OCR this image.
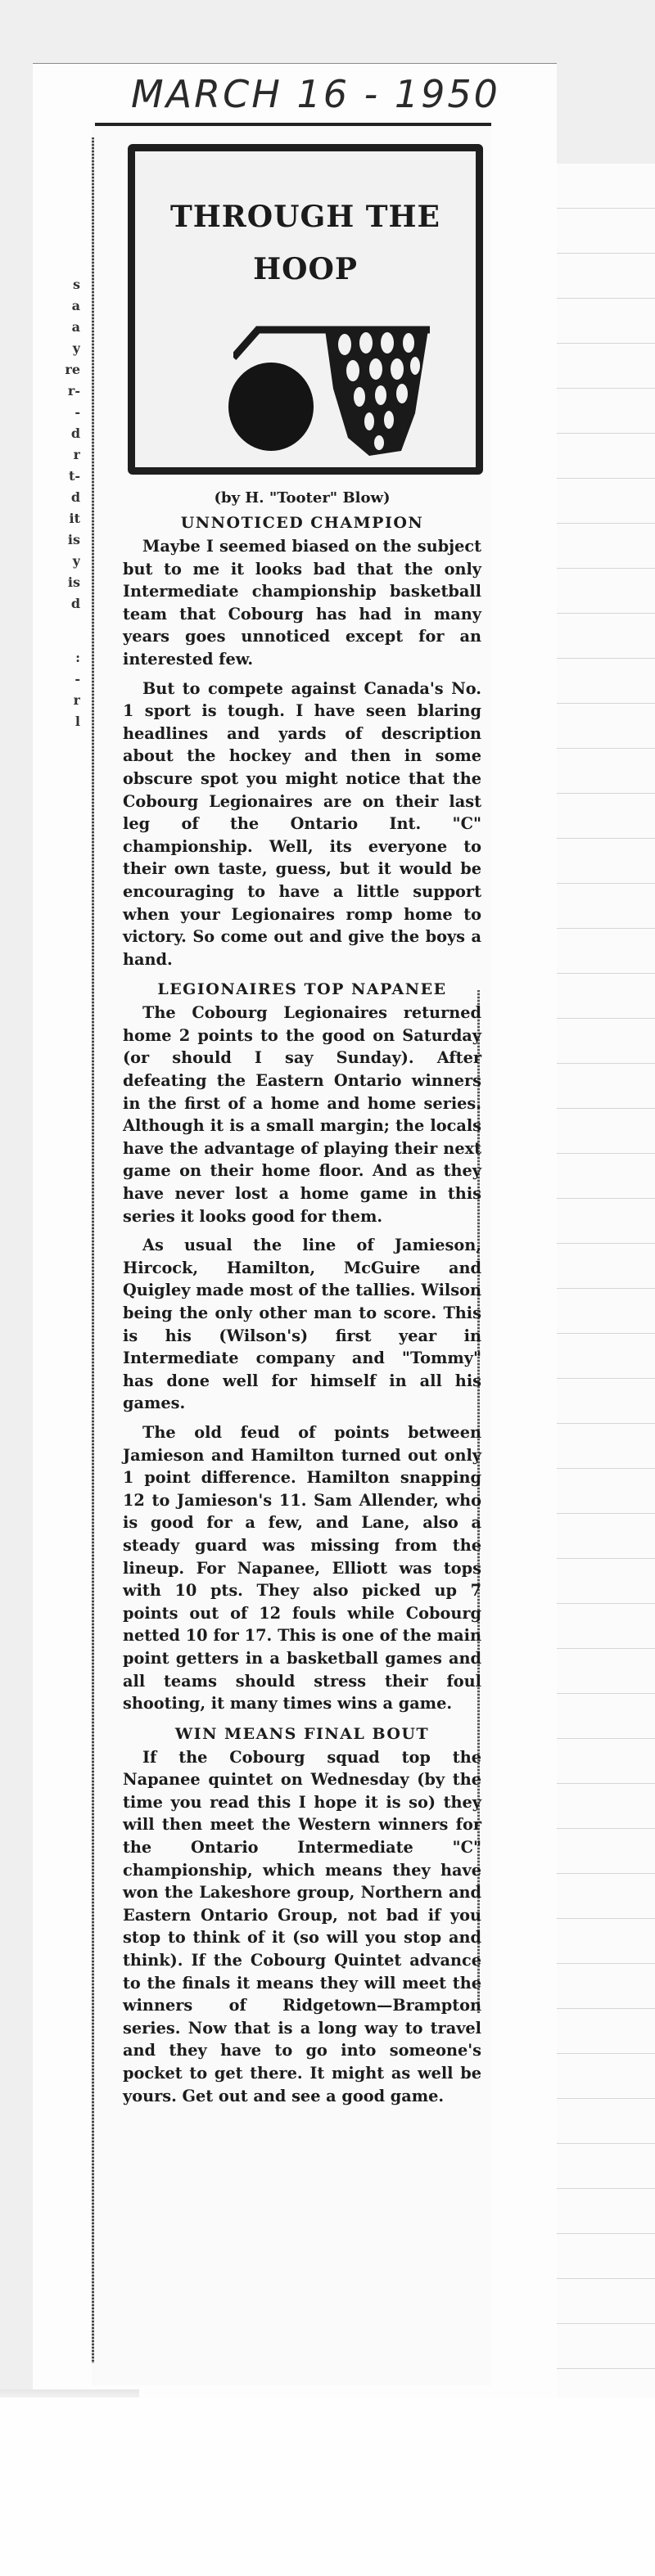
s
a
a
y
re
r-
-
d
r
t-
d
it
is
y
is
d
:
-
r
l
MARCH 16 - 1950
THROUGH THE
HOOP
(by H. "Tooter" Blow)
UNNOTICED CHAMPION

Maybe I seemed biased on the subject but to me it looks bad that the only Intermediate championship basketball team that Cobourg has had in many years goes unnoticed except for an interested few.

But to compete against Canada's No. 1 sport is tough. I have seen blaring headlines and yards of description about the hockey and then in some obscure spot you might notice that the Cobourg Legionaires are on their last leg of the Ontario Int. "C" championship. Well, its everyone to their own taste, guess, but it would be encouraging to have a little support when your Legionaires romp home to victory. So come out and give the boys a hand.

LEGIONAIRES TOP NAPANEE

The Cobourg Legionaires returned home 2 points to the good on Saturday (or should I say Sunday). After defeating the Eastern Ontario winners in the first of a home and home series. Although it is a small margin; the locals have the advantage of playing their next game on their home floor. And as they have never lost a home game in this series it looks good for them.

As usual the line of Jamieson, Hircock, Hamilton, McGuire and Quigley made most of the tallies. Wilson being the only other man to score. This is his (Wilson's) first year in Intermediate company and "Tommy" has done well for himself in all his games.

The old feud of points between Jamieson and Hamilton turned out only 1 point difference. Hamilton snapping 12 to Jamieson's 11. Sam Allender, who is good for a few, and Lane, also a steady guard was missing from the lineup. For Napanee, Elliott was tops with 10 pts. They also picked up 7 points out of 12 fouls while Cobourg netted 10 for 17. This is one of the main point getters in a basketball games and all teams should stress their foul shooting, it many times wins a game.

WIN MEANS FINAL BOUT

If the Cobourg squad top the Napanee quintet on Wednesday (by the time you read this I hope it is so) they will then meet the Western winners for the Ontario Intermediate "C" championship, which means they have won the Lakeshore group, Northern and Eastern Ontario Group, not bad if you stop to think of it (so will you stop and think). If the Cobourg Quintet advance to the finals it means they will meet the winners of Ridgetown—Brampton series. Now that is a long way to travel and they have to go into someone's pocket to get there. It might as well be yours. Get out and see a good game.
